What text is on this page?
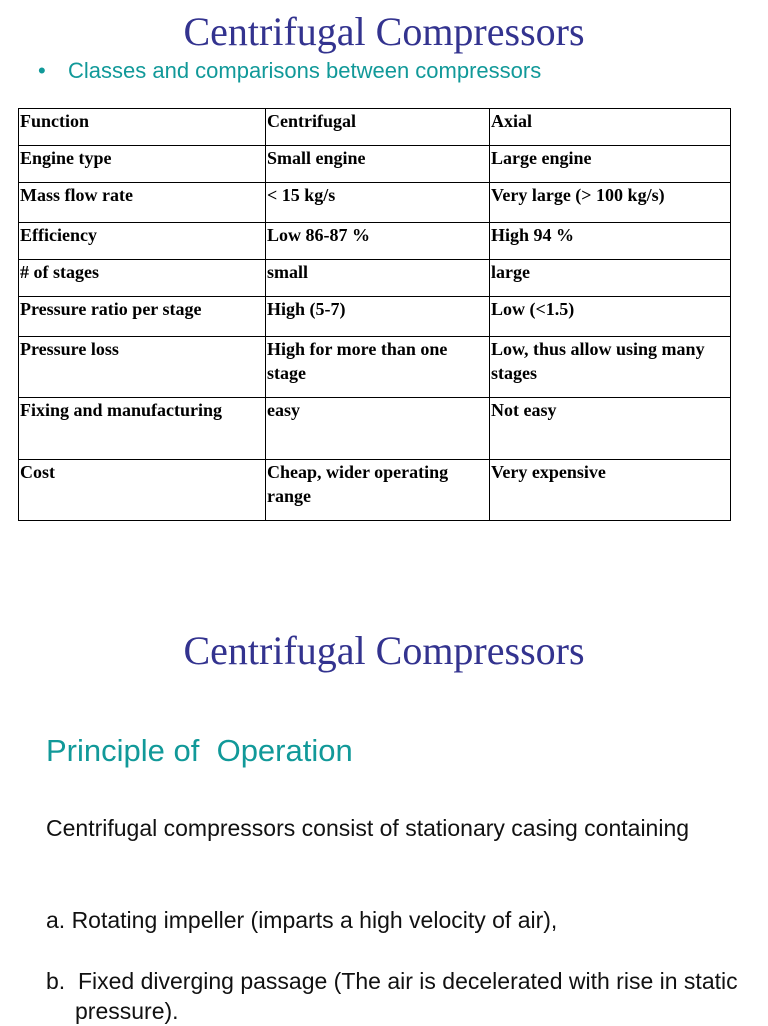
Centrifugal Compressors
• Classes and comparisons between compressors
Function	Centrifugal	Axial
Engine type	Small engine	Large engine
Mass flow rate	< 15 kg/s	Very large (> 100 kg/s)
Efficiency	Low 86-87 %	High 94 %
# of stages	small	large
Pressure ratio per stage	High (5-7)	Low (<1.5)
Pressure loss	High for more than one stage	Low, thus allow using many stages
Fixing and manufacturing	easy	Not easy
Cost	Cheap, wider operating range	Very expensive
Centrifugal Compressors
Principle of  Operation

Centrifugal compressors consist of stationary casing containing

a. Rotating impeller (imparts a high velocity of air),

b.  Fixed diverging passage (The air is decelerated with rise in static pressure).
